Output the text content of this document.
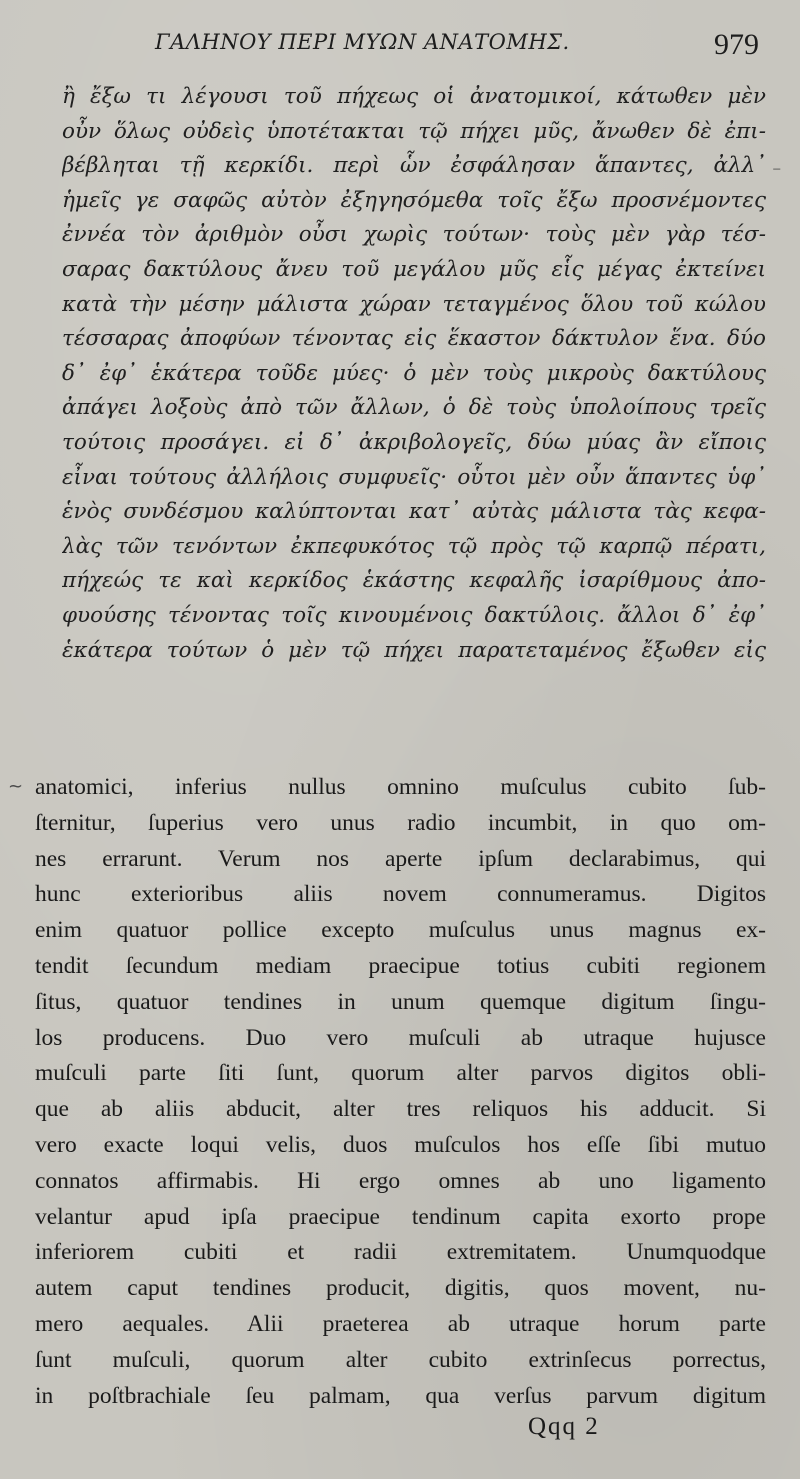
ΓΑΛΗΝΟΥ ΠΕΡΙ ΜΥΩΝ ΑΝΑΤΟΜΗΣ.	979
ἢ ἔξω τι λέγουσι τοῦ πήχεως οἱ ἀνατομικοί, κάτωθεν μὲν
οὖν ὅλως οὐδεὶς ὑποτέτακται τῷ πήχει μῦς, ἄνωθεν δὲ ἐπι-
βέβληται τῇ κερκίδι. περὶ ὧν ἐσφάλησαν ἅπαντες, ἀλλ᾽
ἡμεῖς γε σαφῶς αὐτὸν ἐξηγησόμεθα τοῖς ἔξω προσνέμοντες
ἐννέα τὸν ἀριθμὸν οὖσι χωρὶς τούτων· τοὺς μὲν γὰρ τέσ-
σαρας δακτύλους ἄνευ τοῦ μεγάλου μῦς εἷς μέγας ἐκτείνει
κατὰ τὴν μέσην μάλιστα χώραν τεταγμένος ὅλου τοῦ κώλου
τέσσαρας ἀποφύων τένοντας εἰς ἕκαστον δάκτυλον ἕνα. δύο
δ᾽ ἐφ᾽ ἑκάτερα τοῦδε μύες· ὁ μὲν τοὺς μικροὺς δακτύλους
ἀπάγει λοξοὺς ἀπὸ τῶν ἄλλων, ὁ δὲ τοὺς ὑπολοίπους τρεῖς
τούτοις προσάγει. εἰ δ᾽ ἀκριβολογεῖς, δύω μύας ἂν εἴποις
εἶναι τούτους ἀλλήλοις συμφυεῖς· οὗτοι μὲν οὖν ἅπαντες ὑφ᾽
ἑνὸς συνδέσμου καλύπτονται κατ᾽ αὐτὰς μάλιστα τὰς κεφα-
λὰς τῶν τενόντων ἐκπεφυκότος τῷ πρὸς τῷ καρπῷ πέρατι,
πήχεώς τε καὶ κερκίδος ἑκάστης κεφαλῆς ἰσαρίθμους ἀπο-
φυούσης τένοντας τοῖς κινουμένοις δακτύλοις. ἄλλοι δ᾽ ἐφ᾽
ἑκάτερα τούτων ὁ μὲν τῷ πήχει παρατεταμένος ἔξωθεν εἰς
anatomici, inferius nullus omnino muſculus cubito ſub-
ſternitur, ſuperius vero unus radio incumbit, in quo om-
nes errarunt. Verum nos aperte ipſum declarabimus, qui
hunc exterioribus aliis novem connumeramus. Digitos
enim quatuor pollice excepto muſculus unus magnus ex-
tendit ſecundum mediam praecipue totius cubiti regionem
ſitus, quatuor tendines in unum quemque digitum ſingu-
los producens. Duo vero muſculi ab utraque hujusce
muſculi parte ſiti ſunt, quorum alter parvos digitos obli-
que ab aliis abducit, alter tres reliquos his adducit. Si
vero exacte loqui velis, duos muſculos hos eſſe ſibi mutuo
connatos affirmabis. Hi ergo omnes ab uno ligamento
velantur apud ipſa praecipue tendinum capita exorto prope
inferiorem cubiti et radii extremitatem. Unumquodque
autem caput tendines producit, digitis, quos movent, nu-
mero aequales. Alii praeterea ab utraque horum parte
ſunt muſculi, quorum alter cubito extrinſecus porrectus,
in poſtbrachiale ſeu palmam, qua verſus parvum digitum
Qqq 2
~
⁻
